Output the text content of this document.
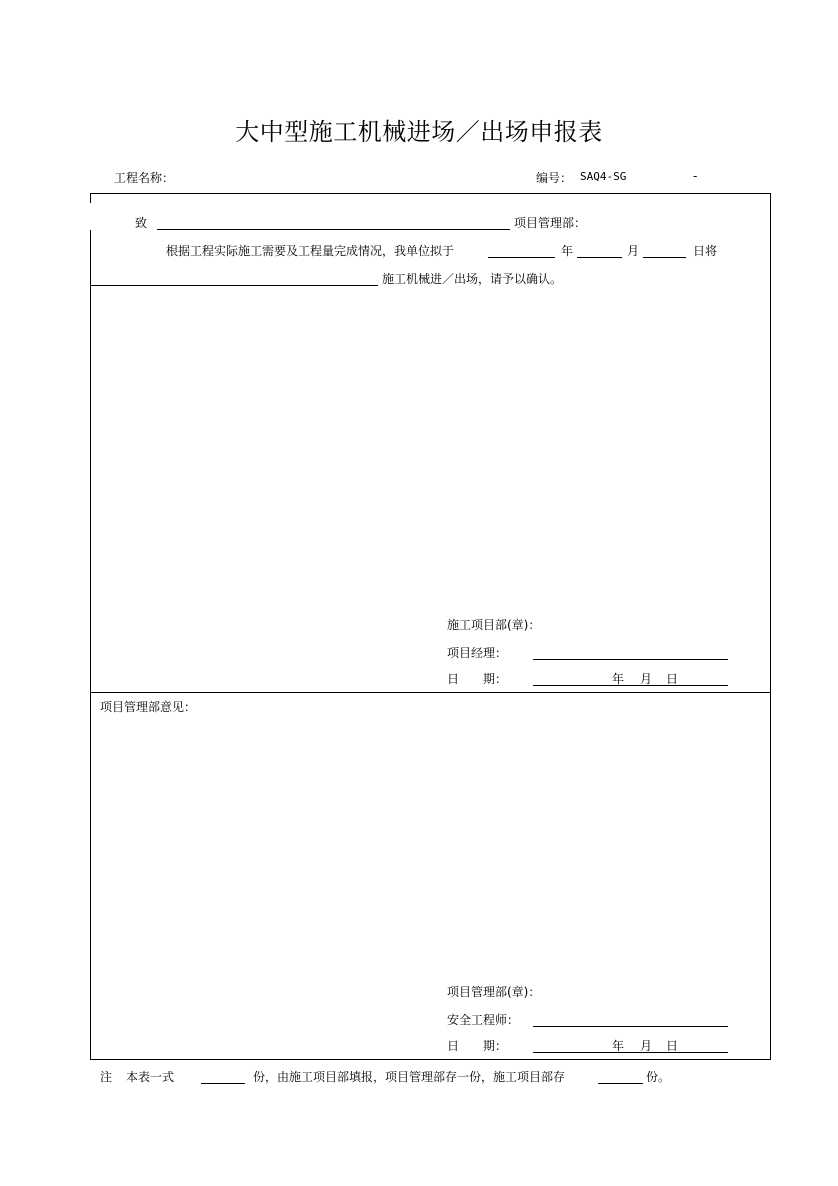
大中型施工机械进场／出场申报表
工程名称：	编号： SAQ4-SG	-
致	项目管理部：
根据工程实际施工需要及工程量完成情况，我单位拟于	年	月	日将
施工机械进／出场，请予以确认。
施工项目部(章)：
项目经理：
日　　期：	年 月 日
项目管理部意见：
项目管理部(章)：
安全工程师：
日　　期：	年 月 日
注 本表一式	份，由施工项目部填报，项目管理部存一份，施工项目部存	份。
